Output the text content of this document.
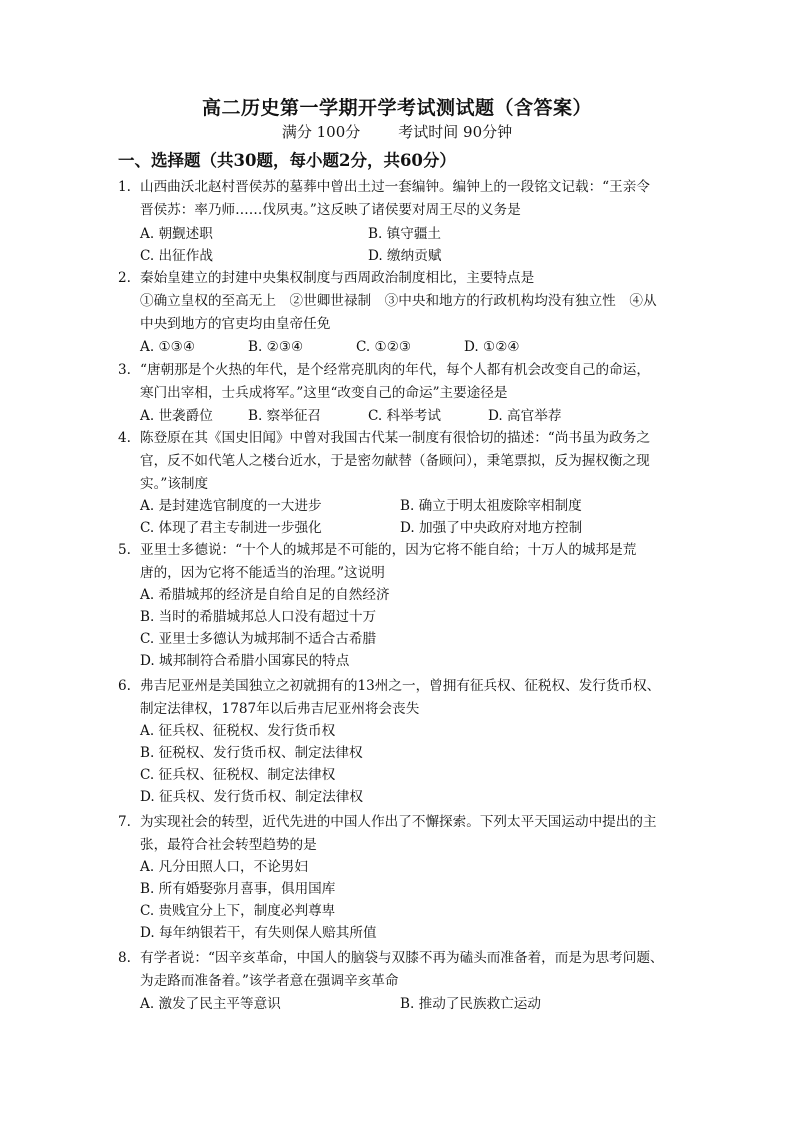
高二历史第一学期开学考试测试题（含答案）
满分 100分	考试时间 90分钟
一、选择题（共30题，每小题2分，共60分）
1. 山西曲沃北赵村晋侯苏的墓葬中曾出土过一套编钟。编钟上的一段铭文记载：“王亲令
晋侯苏：率乃师……伐夙夷。”这反映了诸侯要对周王尽的义务是
A. 朝觐述职	B. 镇守疆土
C. 出征作战	D. 缴纳贡赋
2. 秦始皇建立的封建中央集权制度与西周政治制度相比，主要特点是
①确立皇权的至高无上　②世卿世禄制　③中央和地方的行政机构均没有独立性　④从
中央到地方的官吏均由皇帝任免
A. ①③④	B. ②③④	C. ①②③	D. ①②④
3. “唐朝那是个火热的年代，是个经常亮肌肉的年代，每个人都有机会改变自己的命运，
寒门出宰相，士兵成将军。”这里“改变自己的命运”主要途径是
A. 世袭爵位	B. 察举征召	C. 科举考试	D. 高官举荐
4. 陈登原在其《国史旧闻》中曾对我国古代某一制度有很恰切的描述：“尚书虽为政务之
官，反不如代笔人之楼台近水，于是密勿献替（备顾问），秉笔票拟，反为握权衡之现
实。”该制度
A. 是封建选官制度的一大进步	B. 确立于明太祖废除宰相制度
C. 体现了君主专制进一步强化	D. 加强了中央政府对地方控制
5. 亚里士多德说：“十个人的城邦是不可能的，因为它将不能自给；十万人的城邦是荒
唐的，因为它将不能适当的治理。”这说明
A. 希腊城邦的经济是自给自足的自然经济
B. 当时的希腊城邦总人口没有超过十万
C. 亚里士多德认为城邦制不适合古希腊
D. 城邦制符合希腊小国寡民的特点
6. 弗吉尼亚州是美国独立之初就拥有的13州之一，曾拥有征兵权、征税权、发行货币权、
制定法律权，1787年以后弗吉尼亚州将会丧失
A. 征兵权、征税权、发行货币权
B. 征税权、发行货币权、制定法律权
C. 征兵权、征税权、制定法律权
D. 征兵权、发行货币权、制定法律权
7. 为实现社会的转型，近代先进的中国人作出了不懈探索。下列太平天国运动中提出的主
张，最符合社会转型趋势的是
A. 凡分田照人口，不论男妇
B. 所有婚娶弥月喜事，俱用国库
C. 贵贱宜分上下，制度必判尊卑
D. 每年纳银若干，有失则保人赔其所值
8. 有学者说：“因辛亥革命，中国人的脑袋与双膝不再为磕头而准备着，而是为思考问题、
为走路而准备着。”该学者意在强调辛亥革命
A. 激发了民主平等意识	B. 推动了民族救亡运动
